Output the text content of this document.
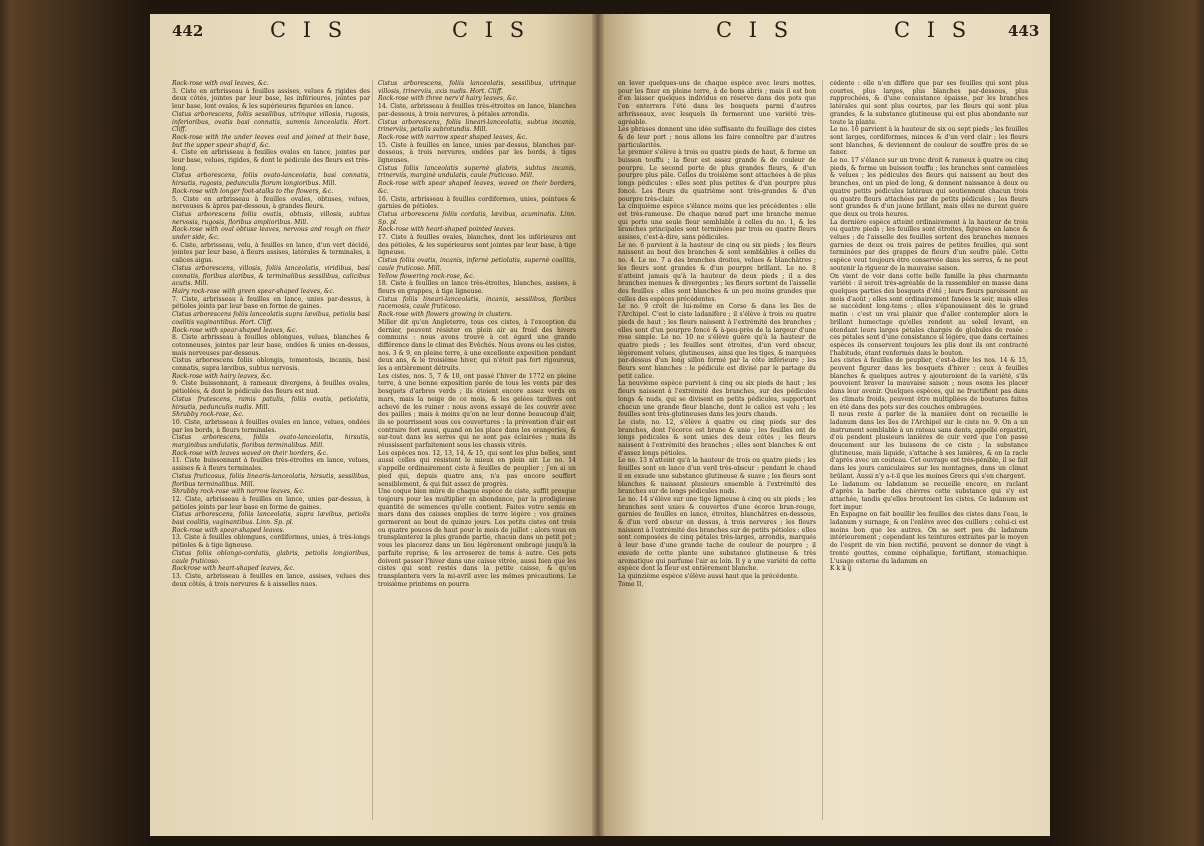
442	C I S	C I S

Rock-rose with oval leaves, &c.

3. Ciste en arbrisseau à feuilles assises, velues & rigides des deux côtés, jointes par leur base, les inférieures, jointes par leur base, lont ovales, & les supérieures figurées en lance.

Cistus arborescens, foliis sessilibus, utrinque villosis, rugosis, inferioribus, ovatis basi connatis, summis lanceolatis. Hort. Cliff.

Rock-rose with the under leaves oval and joined at their base, but the upper spear shap'd, &c.

4. Ciste en arbrisseau à feuilles ovales en lance, jointes par leur base, velues, rigides, & dont le pédicule des fleurs est très-long.

Cistus arborescens, foliis ovato-lanceolatis, basi connatis, hirsutis, rugosis, pedunculis florum longioribus. Mill.

Rock-rose with longer foot-stalks to the flowers, &c.

5. Ciste en arbrisseau à feuilles ovales, obtuses, velues, nerveuses & âpres par-dessous, à grandes fleurs.

Cistus arborescens foliis ovatis, obtusis, villosis, subtus nervosis, rugosis, floribus amplioribus. Mill.

Rock-rose with oval obtuse leaves, nervous and rough on their under side, &c.

6. Ciste, arbrisseau, velu, à feuilles en lance, d'un vert décidé, jointes par leur base, à fleurs assises, latérales & terminales, à calices aigus.

Cistus arborescens, villosis, foliis lanceolatis, viridibus, basi connatis, floribus alaribus, & terminalibus sessilibus, calicibus acutis. Mill.

Hairy rock-rose with green spear-shaped leaves, &c.

7. Ciste, arbrisseau à feuilles en lance, unies par-dessus, à pétioles joints par leur base en forme de gaines.

Cistus arborescens foliis lanceolatis supra lævibus, petiolis basi coalitis vaginantibus. Hort. Cliff.

Rock-rose with spear-shaped leaves, &c.

8. Ciste arbrisseau à feuilles oblongues, velues, blanches & cotonneuses, jointes par leur base, ondées & unies en-dessus, mais nerveuses par-dessous.

Cistus arborescens foliis oblongis, tomentosis, incanis, basi connatis, supra lævibus, subtus nervosis.

Rock-rose with hairy leaves, &c.

9. Ciste buissonnant, à rameaux divergens, à feuilles ovales, pétiolées, & dont le pédicule des fleurs est nud.

Cistus frutescens, ramis patulis, foliis ovatis, petiolatis, hirsutis, pedunculis nudis. Mill.

Shrubby rock-rose, &c.

10. Ciste, arbrisseau à feuilles ovales en lance, velues, ondées par les bords, à fleurs terminales.

Cistus arborescens, foliis ovato-lanceolatis, hirsutis, marginibus undulatis, floribus terminalibus. Mill.

Rock-rose with leaves waved on their borders, &c.

11. Ciste buissonnant à feuilles très-étroites en lance, velues, assises & à fleurs terminales.

Cistus fruticosus, foliis linearis-lanceolatis, hirsutis, sessilibus, floribus terminalibus. Mill.

Shrubby rock-rose with narrow leaves, &c.

12. Ciste, arbrisseau à feuilles en lance, unies par-dessus, à pétioles joints par leur base en forme de gaines.

Cistus arborescens, foliis lanceolatis, supra lævibus, petiolis basi coalitis, vaginantibus. Linn. Sp. pl.

Rock-rose with spear-shaped leaves.

13. Ciste à feuilles oblongues, cordiformes, unies, à très-longs pétioles & à tige ligneuse.

Cistus foliis oblongo-cordatis, glabris, petiolis longioribus, caule fruticoso.

Rockrose with heart-shaped leaves, &c.

13. Ciste, arbrisseau à feuilles en lance, assises, velues des deux côtés, à trois nervures & à aisselles nues.

Cistus arborescens, foliis lanceolatis, sessilibus, utrinque villosis, trinerviis, axis nudis. Hort. Cliff.

Rock-rose with three nerv'd hairy leaves, &c.

14. Ciste, arbrisseau à feuilles très-étroites en lance, blanches par-dessous, à trois nervures, à pétales arrondis.

Cistus arborescens, foliis lineari-lanceolatis, subtus incanis, trinerviis, petalis subrotundis. Mill.

Rock-rose with narrow spear shaped leaves, &c.

15. Ciste à feuilles en lance, unies par-dessus, blanches par-dessous, à trois nervures, ondées par les bords, à tiges ligneuses.

Cistus foliis lanceolatis supernè glabris, subtus incanis, trinerviis, marginè undulatis, caule fruticoso. Mill.

Rock-rose with spear shaped leaves, waved on their borders, &c.

16. Ciste, arbrisseau à feuilles cordiformes, unies, pointues & garnies de pétioles.

Cistus arborescens foliis cordatis, lævibus, acuminatis. Linn. Sp. pl.

Rock-rose with heart-shaped pointed leaves.

17. Ciste à feuilles ovales, blanches, dont les inférieures ont des pétioles, & les supérieures sont jointes par leur base, à tige ligneuse.

Cistus foliis ovatis, incanis, infernè petiolatis, supernè coalitis, caule fruticoso. Mill.

Yellow flowering rock-rose, &c.

18. Ciste à feuilles en lance très-étroites, blanches, assises, à fleurs en grappes, à tige ligneuse.

Cistus foliis lineari-lanceolatis, incanis, sessilibus, floribus racemosis, caule fruticoso.

Rock-rose with flowers growing in clusters.

Miller dit qu'en Angleterre, tous ces cistes, à l'exception du dernier, peuvent résister en plein air au froid des hivers communs : nous avons trouvé à cet égard une grande différence dans le climat des Evêchés. Nous avons eu les cistes, nos. 3 & 9, en pleine terre, à une excellente exposition pendant deux ans, & le troisième hiver, qui n'étoit pas fort rigoureux, les a entièrement détruits.

Les cistes, nos. 5, 7 & 10, ont passé l'hiver de 1772 en pleine terre, à une bonne exposition parée de tous les vents par des bosquets d'arbres verds ; ils étoient encore assez verds en mars, mais la neige de ce mois, & les gelées tardives ont achevé de les ruiner : nous avons essayé de les couvrir avec des pailles ; mais à moins qu'on ne leur donne beaucoup d'air, ils se pourrissent sous ces couvertures : la prévention d'air est contraire fort aussi, quand on les place dans les orangeries, & sur-tout dans les serres qui ne sont pas éclairées ; mais ils réussissent parfaitement sous les chassis vitrés.

Les espèces nos. 12, 13, 14, & 15, qui sont les plus belles, sont aussi celles qui résistent le mieux en plein air. Le no. 14 s'appelle ordinairement ciste à feuilles de peuplier ; j'en ai un pied qui, depuis quatre ans, n'a pas encore souffert sensiblement, & qui fait assez de progrès.

Une coque bien mûre de chaque espèce de ciste, suffit presque toujours pour les multiplier en abondance, par la prodigieuse quantité de semences qu'elle contient. Faites votre semis en mars dans des caisses emplies de terre légère ; vos graines germeront au bout de quinze jours. Les petits cistes ont trois ou quatre pouces de haut pour le mois de juillet : alors vous en transplanterez la plus grande partie, chacun dans un petit pot ; vous les placerez dans un lieu légèrement ombragé jusqu'à la parfaite reprise, & les arroserez de tems à autre. Ces pots doivent passer l'hiver dans une caisse vitrée, aussi bien que les cistes qui sont restés dans la petite caisse, & qu'on transplantera vers la mi-avril avec les mêmes précautions. Le troisième printems on pourra

C I S	C I S 443

en lever quelques-uns de chaque espèce avec leurs mottes, pour les fixer en pleine terre, à de bons abris ; mais il est bon d'en laisser quelques individus en réserve dans des pots que l'on enterrera l'été dans les bosquets parmi d'autres arbrisseaux, avec lesquels ils formeront une variété très-agréable.

Les phrases donnent une idée suffisante du feuillage des cistes & de leur port ; nous allons les faire connoître par d'autres particularités.

Le premier s'élève à trois ou quatre pieds de haut, & forme un buisson touffu ; la fleur est assez grande & de couleur de pourpre. Le second porte de plus grandes fleurs, & d'un pourpre plus pâle. Celles du troisième sont attachées à de plus longs pédicules : elles sont plus petites & d'un pourpre plus foncé. Les fleurs du quatrième sont très-grandes & d'un pourpre très-clair.

La cinquième espèce s'élance moins que les précédentes : elle est très-rameuse. De chaque nœud part une branche menue qui porte une seule fleur semblable à celles du no. 1, & les branches principales sont terminées par trois ou quatre fleurs assises, c'est-à-dire, sans pédicules.

Le no. 6 parvient à la hauteur de cinq ou six pieds ; les fleurs naissent au bout des branches & sont semblables à celles du no. 4. Le no. 7 a des branches droites, velues & blanchâtres ; les fleurs sont grandes & d'un pourpre brillant. Le no. 8 n'atteint jamais qu'à la hauteur de deux pieds ; il a des branches menues & divergentes ; les fleurs sortent de l'aisselle des feuilles : elles sont blanches & un peu moins grandes que celles des espèces précédentes.

Le no. 9 croît de lui-même en Corse & dans les îles de l'Archipel. C'est le ciste ladanifère ; il s'élève à trois ou quatre pieds de haut ; les fleurs naissent à l'extrémité des branches ; elles sont d'un pourpre foncé & à-peu-près de la largeur d'une rose simple. Le no. 10 ne s'élève guère qu'à la hauteur de quatre pieds ; les feuilles sont étroites, d'un verd obscur, légèrement velues, glutineuses, ainsi que les tiges, & marquées par-dessus d'un long sillon formé par la côte inférieure ; les fleurs sont blanches : le pédicule est divisé par le partage du petit calice.

La neuvième espèce parvient à cinq ou six pieds de haut ; les fleurs naissent à l'extrémité des branches, sur des pédicules longs & nuds, qui se divisent en petits pédicules, supportant chacun une grande fleur blanche, dont le calice est velu ; les feuilles sont très-glutineuses dans les jours chauds.

Le ciste, no. 12, s'élève à quatre ou cinq pieds sur des branches, dont l'écorce est brune & unie ; les feuilles ont de longs pédicules & sont unies des deux côtés ; les fleurs naissent à l'extrémité des branches ; elles sont blanches & ont d'assez longs pétioles.

Le no. 13 n'atteint qu'à la hauteur de trois ou quatre pieds ; les feuilles sont en lance d'un verd très-obscur : pendant le chaud il en exsude une substance glutineuse & suave ; les fleurs sont blanches & naissent plusieurs ensemble à l'extrémité des branches sur de longs pédicules nuds.

Le no. 14 s'élève sur une tige ligneuse à cinq ou six pieds ; les branches sont unies & couvertes d'une écorce brun-rouge, garnies de feuilles en lance, étroites, blanchâtres en-dessous, & d'un verd obscur en dessus, à trois nervures ; les fleurs naissent à l'extrémité des branches sur de petits pétioles : elles sont composées de cinq pétales très-larges, arrondis, marqués à leur base d'une grande tache de couleur de pourpre ; il exsude de cette plante une substance glutineuse & très aromatique qui parfume l'air au loin. Il y a une variété de cette espèce dont la fleur est entièrement blanche.

La quinzième espèce s'élève aussi haut que la précédente.

Tome II,

cédente : elle n'en diffère que par ses feuilles qui sont plus courtes, plus larges, plus blanches par-dessous, plus rapprochées, & d'une consistance épaisse, par les branches latérales qui sont plus courtes, par les fleurs qui sont plus grandes, & la substance glutineuse qui est plus abondante sur toute la plante.

Le no. 16 parvient à la hauteur de six ou sept pieds ; les feuilles sont larges, cordiformes, minces & d'un verd clair ; les fleurs sont blanches, & deviennent de couleur de souffre près de se faner.

Le no. 17 s'élance sur un tronc droit & rameux à quatre ou cinq pieds, & forme un buisson touffu ; les branches sont cannelées & velues ; les pédicules des fleurs qui naissent au bout des branches, ont un pied de long, & donnent naissance à deux ou quatre petits pédicules latéraux qui soutiennent chacun trois ou quatre fleurs attachées par de petits pédicules ; les fleurs sont grandes & d'un jaune brillant, mais elles ne durent guère que deux ou trois heures.

La dernière espèce atteint ordinairement à la hauteur de trois ou quatre pieds ; les feuilles sont étroites, figurées en lance & velues ; de l'aisselle des feuilles sortent des branches menues garnies de deux ou trois paires de petites feuilles, qui sont terminées par des grappes de fleurs d'un soufre pâle. Cette espèce veut toujours être conservée dans les serres, & ne peut soutenir la rigueur de la mauvaise saison.

On vient de voir dans cette belle famille la plus charmante variété : il seroit très-agréable de la rassembler en masse dans quelques parties des bosquets d'été ; leurs fleurs paroissent au mois d'août ; elles sont ordinairement fanées le soir, mais elles se succèdent long-tems ; elles s'épanouissent dès le grand matin : c'est un vrai plaisir que d'aller contempler alors le brillant humectage qu'elles rendent au soleil levant, en étendant leurs larges pétales chargés de globules de rosée : ces pétales sont d'une consistance si légère, que dans certaines espèces ils conservent toujours les plis dont ils ont contracté l'habitude, étant renfermés dans le bouton.

Les cistes à feuilles de peuplier, c'est-à-dire les nos. 14 & 15, peuvent figurer dans les bosquets d'hiver : ceux à feuilles blanches & quelques autres y ajouteroient de la variété, s'ils pouvoient braver la mauvaise saison ; nous osons les placer dans leur avenir. Quelques espèces, qui ne fructifient pas dans les climats froids, peuvent être multipliées de boutures faites en été dans des pots sur des couches ombragées.

Il nous reste à parler de la manière dont on recueille le ladanum dans les îles de l'Archipel sur le ciste no. 9. On a un instrument semblable à un rateau sans dents, appellé ergastiri, d'où pendent plusieurs lanières de cuir verd que l'on passe doucement sur les buissons de ce ciste ; la substance glutineuse, mais liquide, s'attache à ses lanières, & on la racle d'après avec un couteau. Cet ouvrage est très-pénible, il se fait dans les jours caniculaires sur les montagnes, dans un climat brûlant. Aussi n'y a-t-il que les moines Grecs qui s'en chargent.

Le ladanum ou labdanum se recueille encore, en raclant d'après la barbe des chèvres cette substance qui s'y est attachée, tandis qu'elles broutoient les cistes. Ce ladanum est fort impur.

En Espagne on fait bouillir les feuilles des cistes dans l'eau, le ladanum y surnage, & on l'enlève avec des cuillers ; celui-ci est moins bon que les autres. On se sert peu du ladanum intérieurement ; cependant les teintures extraites par le moyen de l'esprit de vin bien rectifié, peuvent se donner de vingt à trente gouttes, comme céphalique, fortifiant, stomachique. L'usage externe du ladanum en

K k k ij
